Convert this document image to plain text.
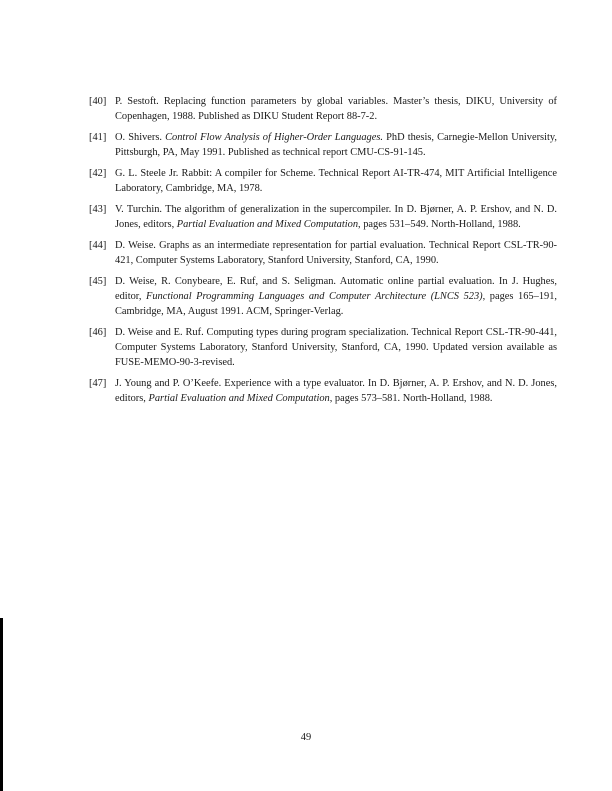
[40] P. Sestoft. Replacing function parameters by global variables. Master’s thesis, DIKU, University of Copenhagen, 1988. Published as DIKU Student Report 88-7-2.
[41] O. Shivers. Control Flow Analysis of Higher-Order Languages. PhD thesis, Carnegie-Mellon University, Pittsburgh, PA, May 1991. Published as technical report CMU-CS-91-145.
[42] G. L. Steele Jr. Rabbit: A compiler for Scheme. Technical Report AI-TR-474, MIT Artificial Intelligence Laboratory, Cambridge, MA, 1978.
[43] V. Turchin. The algorithm of generalization in the supercompiler. In D. Bjørner, A. P. Ershov, and N. D. Jones, editors, Partial Evaluation and Mixed Computation, pages 531–549. North-Holland, 1988.
[44] D. Weise. Graphs as an intermediate representation for partial evaluation. Technical Report CSL-TR-90-421, Computer Systems Laboratory, Stanford University, Stanford, CA, 1990.
[45] D. Weise, R. Conybeare, E. Ruf, and S. Seligman. Automatic online partial evaluation. In J. Hughes, editor, Functional Programming Languages and Computer Architecture (LNCS 523), pages 165–191, Cambridge, MA, August 1991. ACM, Springer-Verlag.
[46] D. Weise and E. Ruf. Computing types during program specialization. Technical Report CSL-TR-90-441, Computer Systems Laboratory, Stanford University, Stanford, CA, 1990. Updated version available as FUSE-MEMO-90-3-revised.
[47] J. Young and P. O’Keefe. Experience with a type evaluator. In D. Bjørner, A. P. Ershov, and N. D. Jones, editors, Partial Evaluation and Mixed Computation, pages 573–581. North-Holland, 1988.
49
